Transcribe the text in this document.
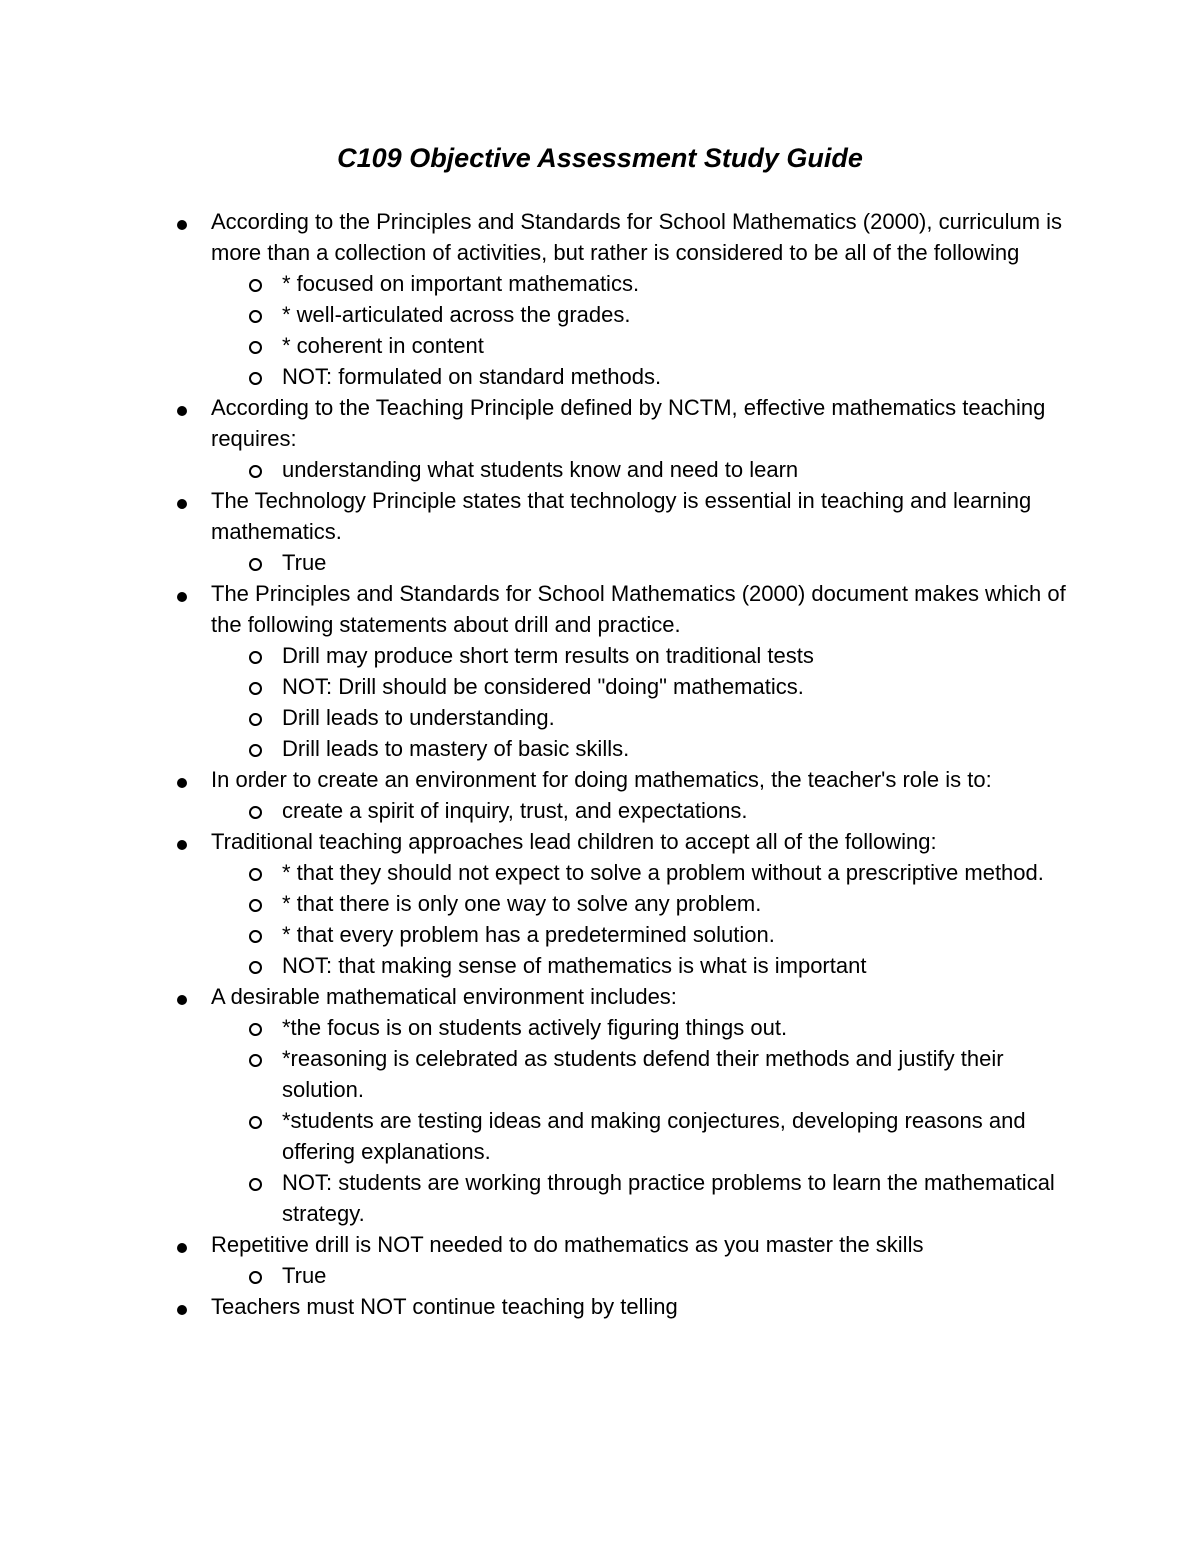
C109 Objective Assessment Study Guide
According to the Principles and Standards for School Mathematics (2000), curriculum is more than a collection of activities, but rather is considered to be all of the following
* focused on important mathematics.
* well-articulated across the grades.
* coherent in content
NOT: formulated on standard methods.
According to the Teaching Principle defined by NCTM, effective mathematics teaching requires:
understanding what students know and need to learn
The Technology Principle states that technology is essential in teaching and learning mathematics.
True
The Principles and Standards for School Mathematics (2000) document makes which of the following statements about drill and practice.
Drill may produce short term results on traditional tests
NOT: Drill should be considered "doing" mathematics.
Drill leads to understanding.
Drill leads to mastery of basic skills.
In order to create an environment for doing mathematics, the teacher's role is to:
create a spirit of inquiry, trust, and expectations.
Traditional teaching approaches lead children to accept all of the following:
* that they should not expect to solve a problem without a prescriptive method.
* that there is only one way to solve any problem.
* that every problem has a predetermined solution.
NOT: that making sense of mathematics is what is important
A desirable mathematical environment includes:
*the focus is on students actively figuring things out.
*reasoning is celebrated as students defend their methods and justify their solution.
*students are testing ideas and making conjectures, developing reasons and offering explanations.
NOT: students are working through practice problems to learn the mathematical strategy.
Repetitive drill is NOT needed to do mathematics as you master the skills
True
Teachers must NOT continue teaching by telling
